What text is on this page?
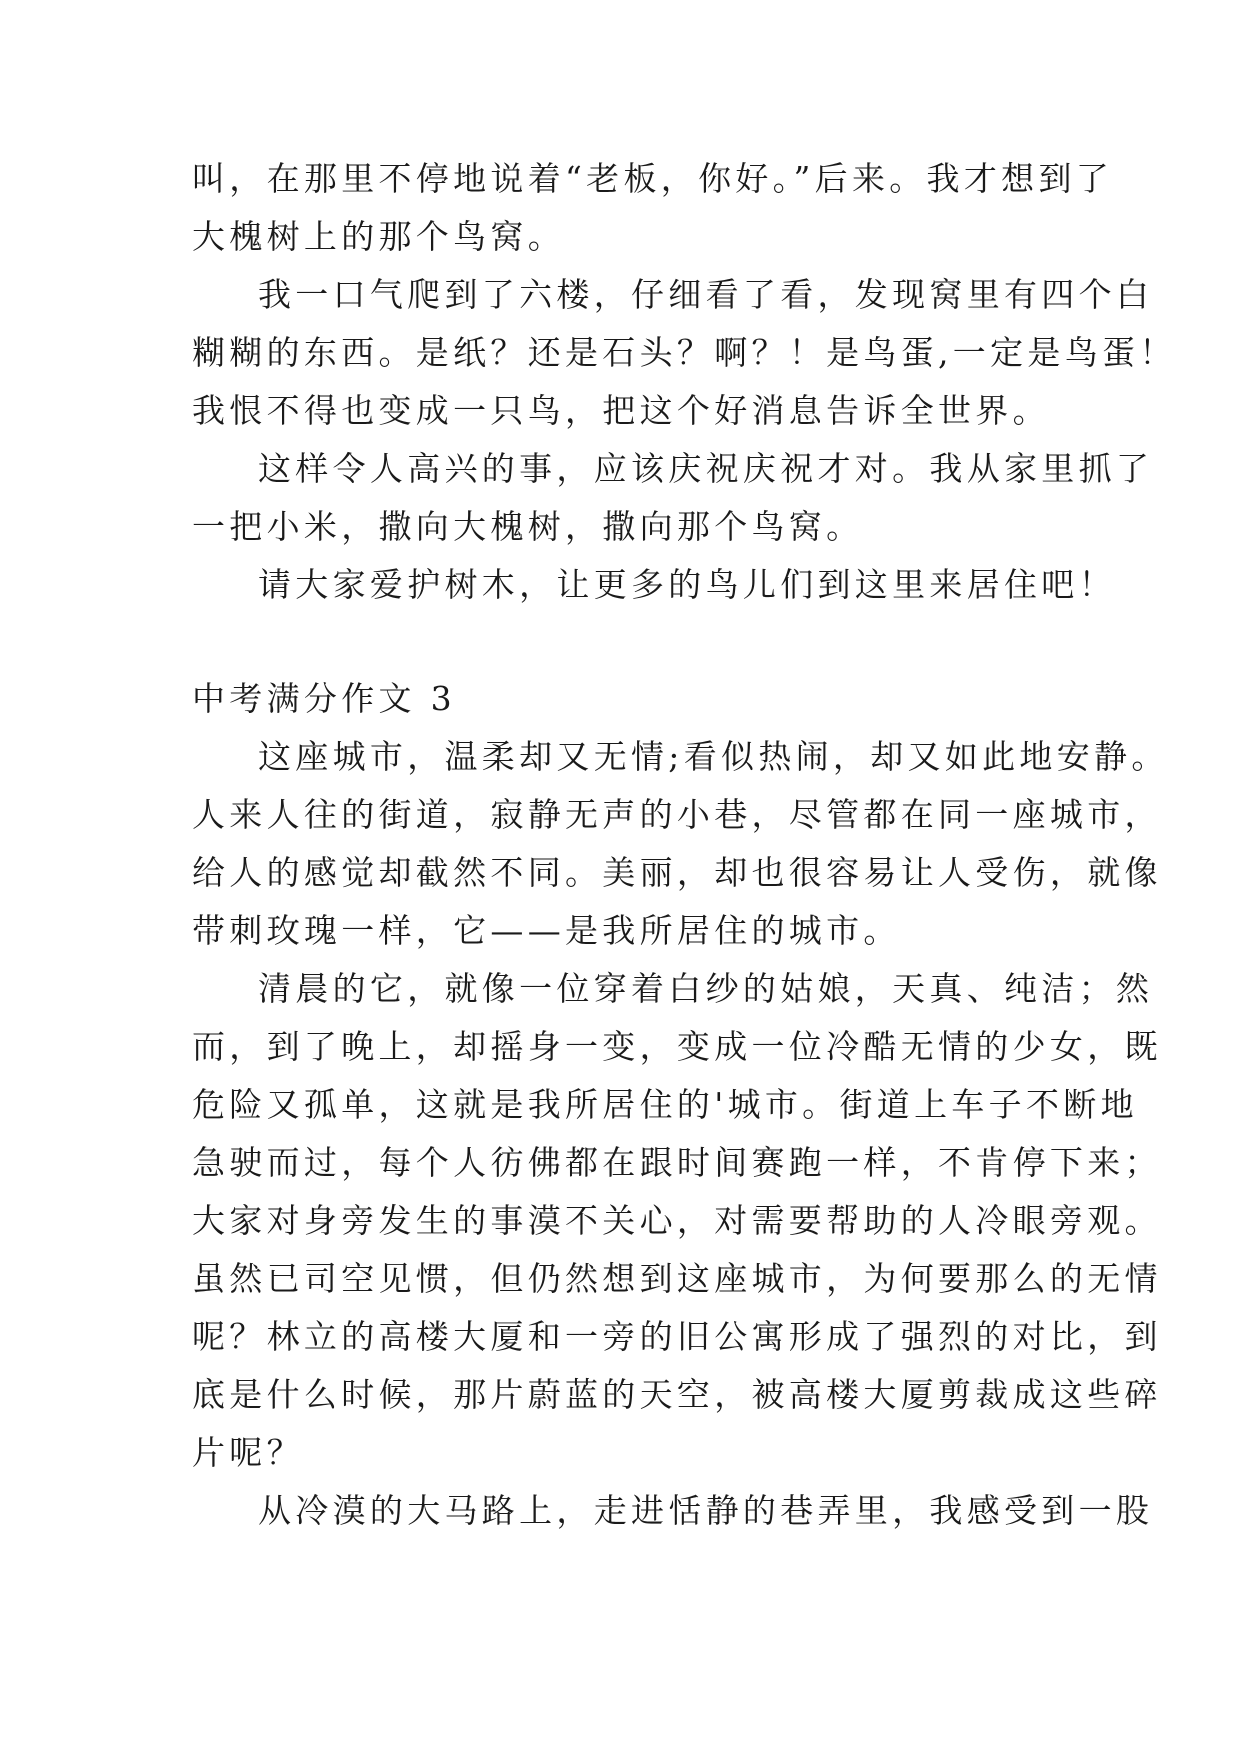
叫，在那里不停地说着“老板，你好。”后来。我才想到了
大槐树上的那个鸟窝。
我一口气爬到了六楼，仔细看了看，发现窝里有四个白
糊糊的东西。是纸？还是石头？啊？！是鸟蛋,一定是鸟蛋！
我恨不得也变成一只鸟，把这个好消息告诉全世界。
这样令人高兴的事，应该庆祝庆祝才对。我从家里抓了
一把小米，撒向大槐树，撒向那个鸟窝。
请大家爱护树木，让更多的鸟儿们到这里来居住吧！
中考满分作文 3
这座城市，温柔却又无情;看似热闹，却又如此地安静。
人来人往的街道，寂静无声的小巷，尽管都在同一座城市，
给人的感觉却截然不同。美丽，却也很容易让人受伤，就像
带刺玫瑰一样，它——是我所居住的城市。
清晨的它，就像一位穿着白纱的姑娘，天真、纯洁；然
而，到了晚上，却摇身一变，变成一位冷酷无情的少女，既
危险又孤单，这就是我所居住的'城市。街道上车子不断地
急驶而过，每个人彷佛都在跟时间赛跑一样，不肯停下来；
大家对身旁发生的事漠不关心，对需要帮助的人冷眼旁观。
虽然已司空见惯，但仍然想到这座城市，为何要那么的无情
呢？林立的高楼大厦和一旁的旧公寓形成了强烈的对比，到
底是什么时候，那片蔚蓝的天空，被高楼大厦剪裁成这些碎
片呢？
从冷漠的大马路上，走进恬静的巷弄里，我感受到一股
